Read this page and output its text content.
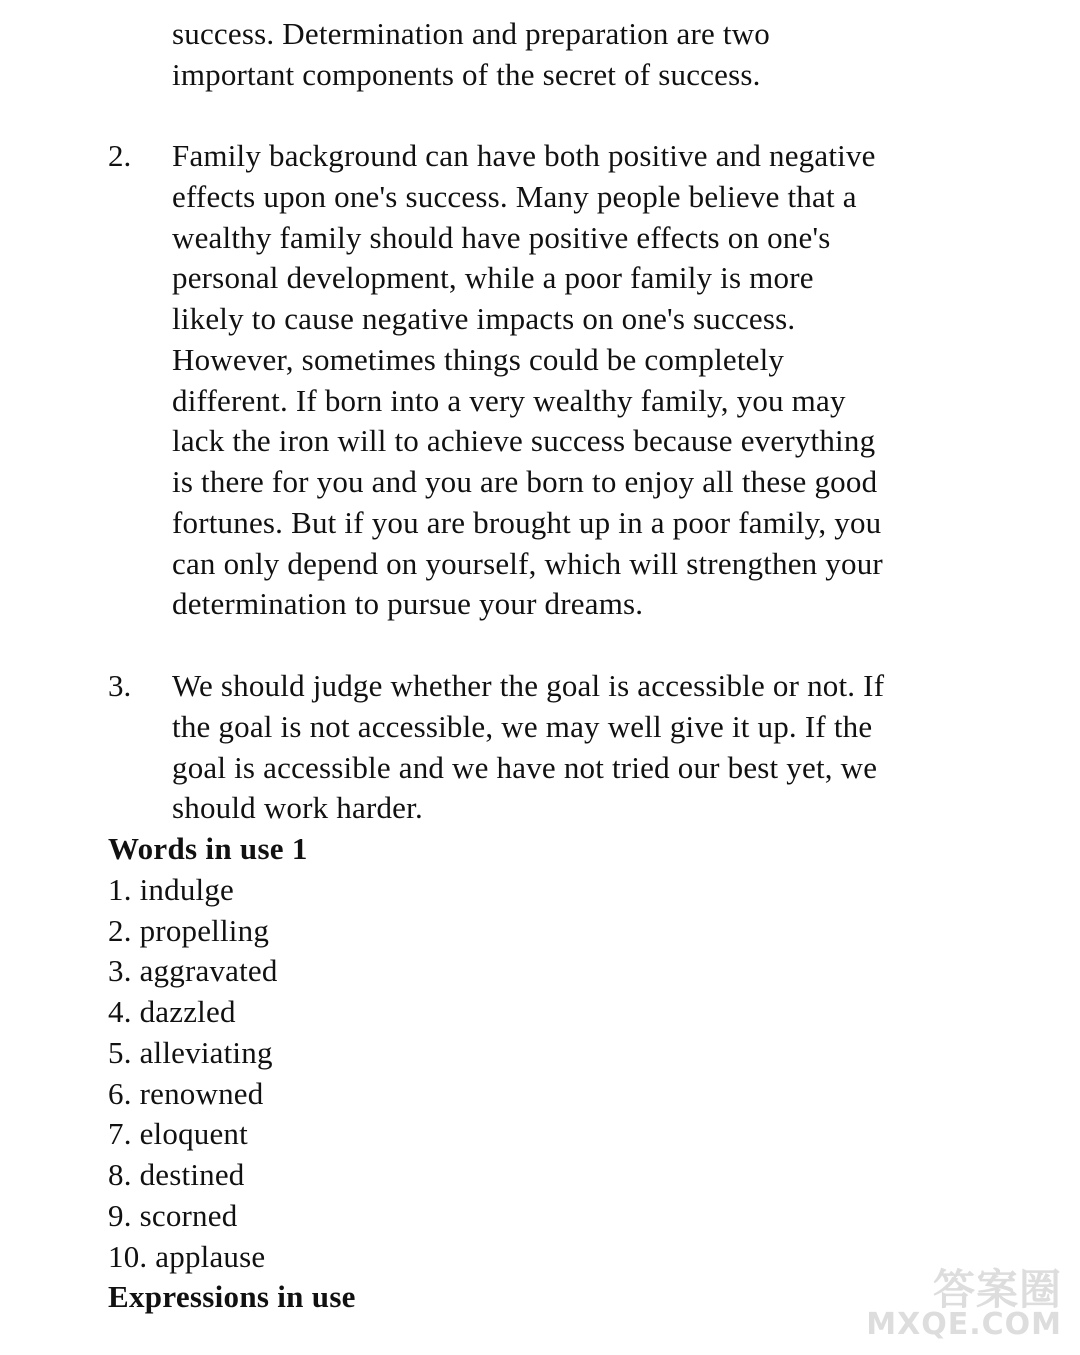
success. Determination and preparation are two
important components of the secret of success.
2. Family background can have both positive and negative
effects upon one's success. Many people believe that a
wealthy family should have positive effects on one's
personal development, while a poor family is more
likely to cause negative impacts on one's success.
However, sometimes things could be completely
different. If born into a very wealthy family, you may
lack the iron will to achieve success because everything
is there for you and you are born to enjoy all these good
fortunes. But if you are brought up in a poor family, you
can only depend on yourself, which will strengthen your
determination to pursue your dreams.
3. We should judge whether the goal is accessible or not. If
the goal is not accessible, we may well give it up. If the
goal is accessible and we have not tried our best yet, we
should work harder.
Words in use 1
1. indulge
2. propelling
3. aggravated
4. dazzled
5. alleviating
6. renowned
7. eloquent
8. destined
9. scorned
10. applause
Expressions in use	答案圈
MXQE.COM
